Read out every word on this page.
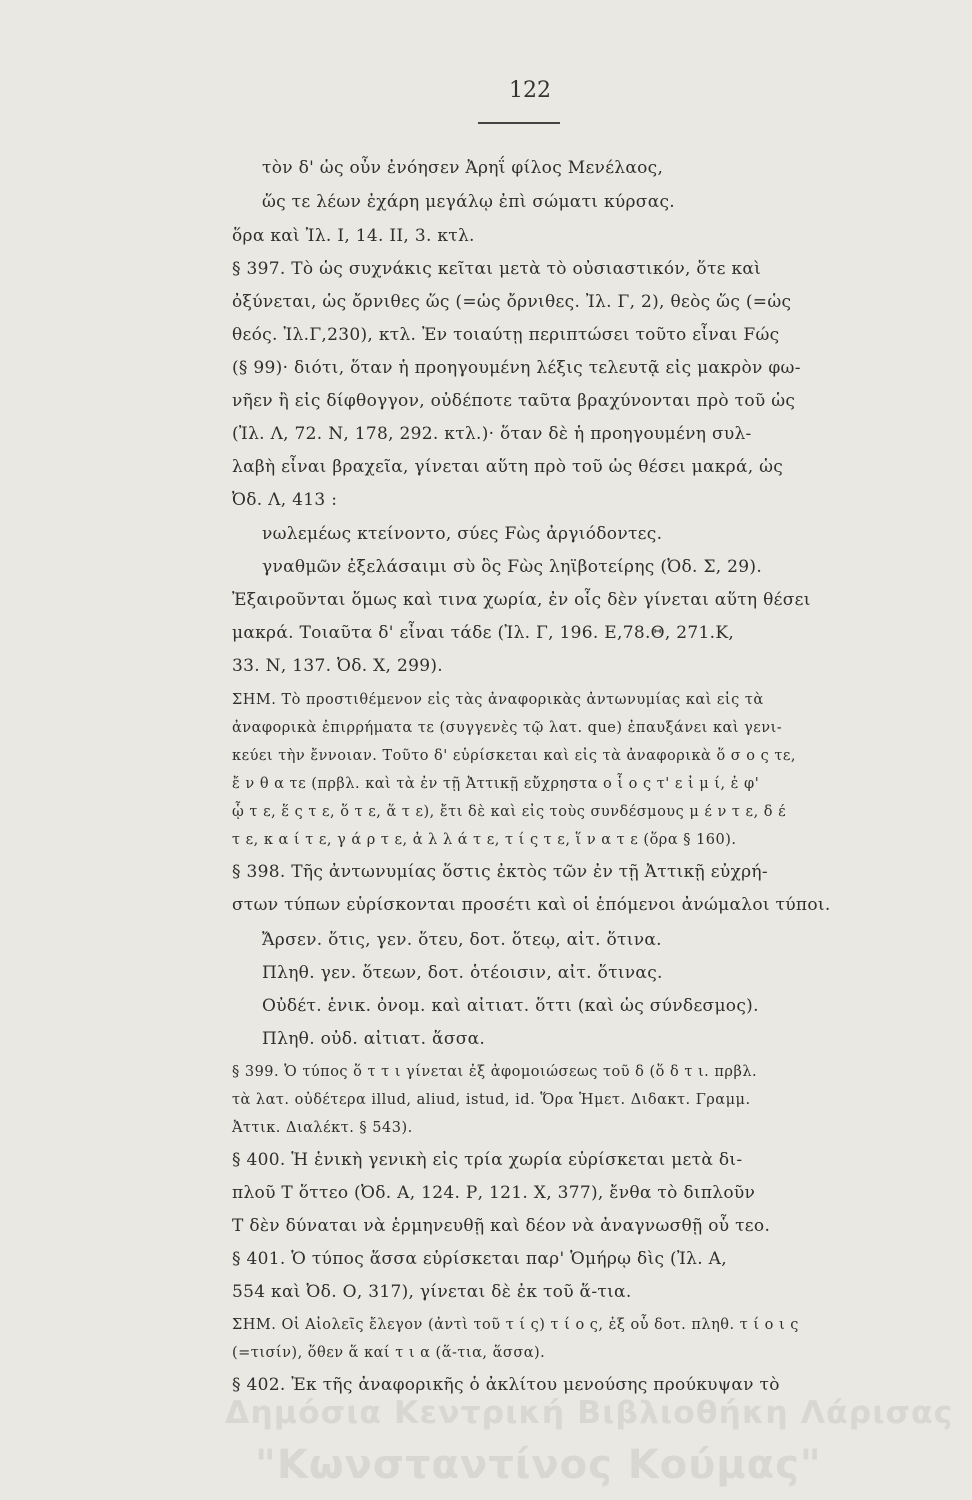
122
τὸν δ' ὡς οὖν ἐνόησεν Ἀρηΐ φίλος Μενέλαος,
ὥς τε λέων ἐχάρη μεγάλῳ ἐπὶ σώματι κύρσας.
ὅρα καὶ Ἰλ. Ι, 14. ΙΙ, 3. κτλ.
§ 397. Τὸ ὡς συχνάκις κεῖται μετὰ τὸ οὐσιαστικόν, ὅτε καὶ
ὀξύνεται, ὡς ὄρνιθες ὥς (=ὡς ὄρνιθες. Ἰλ. Γ, 2), θεὸς ὥς (=ὡς
θεός. Ἰλ.Γ,230), κτλ. Ἐν τοιαύτῃ περιπτώσει τοῦτο εἶναι Fώς
(§ 99)· διότι, ὅταν ἡ προηγουμένη λέξις τελευτᾷ εἰς μακρὸν φω-
νῆεν ἢ εἰς δίφθογγον, οὐδέποτε ταῦτα βραχύνονται πρὸ τοῦ ὡς
(Ἰλ. Λ, 72. Ν, 178, 292. κτλ.)· ὅταν δὲ ἡ προηγουμένη συλ-
λαβὴ εἶναι βραχεῖα, γίνεται αὕτη πρὸ τοῦ ὡς θέσει μακρά, ὡς
Ὀδ. Λ, 413 :
νωλεμέως κτείνοντο, σύες Fὼς ἀργιόδοντες.
γναθμῶν ἐξελάσαιμι σὺ ὃς Fὼς ληϊβοτείρης (Ὀδ. Σ, 29).
Ἐξαιροῦνται ὅμως καὶ τινα χωρία, ἐν οἷς δὲν γίνεται αὕτη θέσει
μακρά. Τοιαῦτα δ' εἶναι τάδε (Ἰλ. Γ, 196. Ε,78.Θ, 271.Κ,
33. Ν, 137. Ὀδ. Χ, 299).
ΣΗΜ. Τὸ προστιθέμενον εἰς τὰς ἀναφορικὰς ἀντωνυμίας καὶ εἰς τὰ
ἀναφορικὰ ἐπιρρήματα τε (συγγενὲς τῷ λατ. que) ἐπαυξάνει καὶ γενι-
κεύει τὴν ἔννοιαν. Τοῦτο δ' εὑρίσκεται καὶ εἰς τὰ ἀναφορικὰ ὅ σ ο ς τε,
ἔ ν θ α τε (πρβλ. καὶ τὰ ἐν τῇ Ἀττικῇ εὔχρηστα ο ἷ ο ς τ' ε ἰ μ ί, ἐ φ'
ᾧ τ ε, ἕ ς τ ε, ὅ τ ε, ἅ τ ε), ἔτι δὲ καὶ εἰς τοὺς συνδέσμους μ έ ν τ ε, δ έ
τ ε, κ α ί τ ε, γ ά ρ τ ε, ἀ λ λ ά τ ε, τ ί ς τ ε, ἵ ν α τ ε (ὅρα § 160).
§ 398. Τῆς ἀντωνυμίας ὅστις ἐκτὸς τῶν ἐν τῇ Ἀττικῇ εὐχρή-
στων τύπων εὑρίσκονται προσέτι καὶ οἱ ἑπόμενοι ἀνώμαλοι τύποι.
Ἄρσεν. ὅτις, γεν. ὅτευ, δοτ. ὅτεῳ, αἰτ. ὅτινα.
Πληθ. γεν. ὅτεων, δοτ. ὁτέοισιν, αἰτ. ὅτινας.
Οὐδέτ. ἑνικ. ὀνομ. καὶ αἰτιατ. ὅττι (καὶ ὡς σύνδεσμος).
Πληθ. οὐδ. αἰτιατ. ἅσσα.
§ 399. Ὁ τύπος ὅ τ τ ι γίνεται ἐξ ἀφομοιώσεως τοῦ δ (ὅ δ τ ι. πρβλ.
τὰ λατ. οὐδέτερα illud, aliud, istud, id. Ὅρα Ἡμετ. Διδακτ. Γραμμ.
Ἀττικ. Διαλέκτ. § 543).
§ 400. Ἡ ἑνικὴ γενικὴ εἰς τρία χωρία εὑρίσκεται μετὰ δι-
πλοῦ Τ ὅττεο (Ὀδ. Α, 124. Ρ, 121. Χ, 377), ἔνθα τὸ διπλοῦν
Τ δὲν δύναται νὰ ἑρμηνευθῇ καὶ δέον νὰ ἀναγνωσθῇ οὗ τεο.
§ 401. Ὁ τύπος ἅσσα εὑρίσκεται παρ' Ὁμήρῳ δὶς (Ἰλ. Α,
554 καὶ Ὀδ. Ο, 317), γίνεται δὲ ἐκ τοῦ ἅ-τια.
ΣΗΜ. Οἱ Αἰολεῖς ἔλεγον (ἀντὶ τοῦ τ ί ς) τ ί ο ς, ἐξ οὗ δοτ. πληθ. τ ί ο ι ς
(=τισίν), ὅθεν ἅ καί τ ι α (ἅ-τια, ἅσσα).
§ 402. Ἐκ τῆς ἀναφορικῆς ὁ ἀκλίτου μενούσης προύκυψαν τὸ
Δημόσια Κεντρική Βιβλιοθήκη Λάρισας
"Κωνσταντίνος Κούμας"
